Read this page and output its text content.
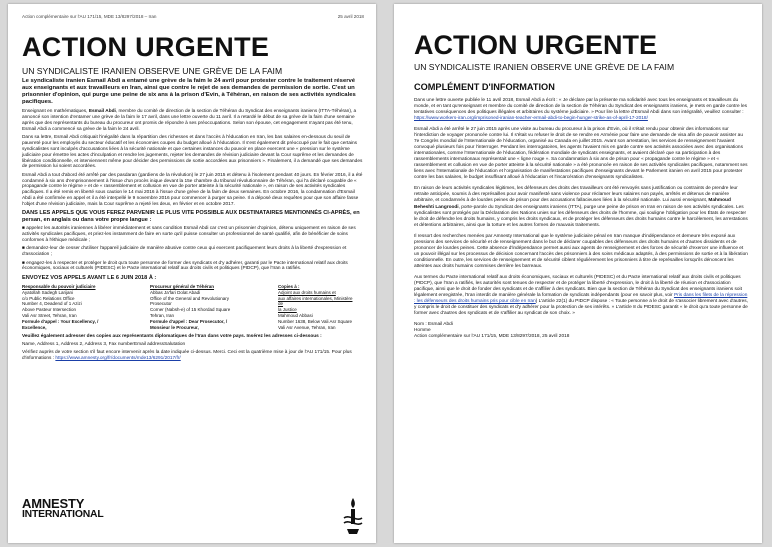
Action complémentaire sur l'AU 171/15, MDE 13/8297/2018 – Iran	25 avril 2018
ACTION URGENTE
UN SYNDICALISTE IRANIEN OBSERVE UNE GRÈVE DE LA FAIM

Le syndicaliste iranien Esmail Abdi a entamé une grève de la faim le 24 avril pour protester contre le traitement réservé aux enseignants et aux travailleurs en Iran, ainsi que contre le rejet de ses demandes de permission de sortie. C'est un prisonnier d'opinion, qui purge une peine de six ans à la prison d'Evin, à Téhéran, en raison de ses activités syndicales pacifiques.

Enseignant en mathématiques, Esmail Abdi, membre du comité de direction de la section de Téhéran du Syndicat des enseignants iraniens (ITTA-Téhéran), a annoncé son intention d'entamer une grève de la faim le 17 avril, dans une lettre ouverte du 11 avril. Il a retardé le début de sa grève de la faim d'une semaine après que des représentants du bureau du procureur ont promis de répondre à ses préoccupations. Selon son épouse, cet engagement n'ayant pas été tenu, Esmail Abdi a commencé sa grève de la faim le 24 avril.

Dans sa lettre, Esmail Abdi critiquait l'inégalité dans la répartition des richesses et dans l'accès à l'éducation en Iran, les bas salaires en-dessous du seuil de pauvreté pour les employés du secteur éducatif et les économies coupes du budget alloué à l'éducation. Il s'est également dit préoccupé par le fait que certains syndicalistes sont inculpés d'accusations liées à la sécurité nationale et que certaines instances du pouvoir en place exercent une « pression sur le système judiciaire pour émettre les actes d'inculpation et rendre les jugements, rejeter les demandes de révision judiciaire devant la Cour suprême et les demandes de libération conditionnelle, et interviennent même pour décider des permissions de sortie accordées aux prisonniers ». Finalement, il a demandé que ses demandes de permission lui soient accordées.

Esmail Abdi a tout d'abord été arrêté par des pasdaran (gardiens de la révolution) le 27 juin 2015 et détenu à l'isolement pendant 40 jours. En février 2016, il a été condamné à six ans d'emprisonnement à l'issue d'un procès inique devant la 15e chambre du tribunal révolutionnaire de Téhéran, qui l'a déclaré coupable de « propagande contre le régime » et de « rassemblement et collusion en vue de porter atteinte à la sécurité nationale », en raison de ses activités syndicales pacifiques. Il a été remis en liberté sous caution le 14 mai 2016 à l'issue d'une grève de la faim de deux semaines. En octobre 2016, la condamnation d'Esmail Abdi a été confirmée en appel et il a été interpellé le 9 novembre 2016 pour commencer à purger sa peine. Il a déposé deux requêtes pour que son affaire fasse l'objet d'une révision judiciaire, mais la Cour suprême a rejeté les deux, en février et en octobre 2017.

DANS LES APPELS QUE VOUS FEREZ PARVENIR LE PLUS VITE POSSIBLE AUX DESTINATAIRES MENTIONNÉS CI-APRÈS, en persan, en anglais ou dans votre propre langue :

■ appelez les autorités iraniennes à libérer immédiatement et sans condition Esmail Abdi car c'est un prisonnier d'opinion, détenu uniquement en raison de ses activités syndicales pacifiques, et priez-les instamment de faire en sorte qu'il puisse consulter un professionnel de santé qualifié, afin de bénéficier de soins conformes à l'éthique médicale ;

■ demandez-leur de cesser d'utiliser l'appareil judiciaire de manière abusive contre ceux qui exercent pacifiquement leurs droits à la liberté d'expression et d'association ;

■ engagez-les à respecter et protéger le droit qu'a toute personne de former des syndicats et d'y adhérer, garanti par le Pacte international relatif aux droits économiques, sociaux et culturels (PIDESC) et le Pacte international relatif aux droits civils et politiques (PIDCP), que l'Iran a ratifiés.

ENVOYEZ VOS APPELS AVANT LE 6 JUIN 2018 À :

Responsable du pouvoir judiciaire
Ayatollah Sadegh Larijani
c/o Public Relations Office
Number 4, Deadend of 1 Azizi
Above Pasteur Intersection
Vali Asr Street, Tehran, Iran
Formule d'appel : Your Excellency, /
Excellence,
Procureur général de Téhéran
Abbas Ja'fari Dolat Abadi
Office of the General and Revolutionary
Prosecutor
Corner (Nabsh-e) of 15 Khordad Square
Tehran, Iran
Formule d'appel : Dear Prosecutor, /
Monsieur le Procureur,
Copies à :
Adjoint aux droits humains et
aux affaires internationales, Ministère de
la Justice
Mahmoud Abbasi
Number 1638, Below Vali Asr Square
Vali Asr Avenue, Tehran, Iran

Veuillez également adresser des copies aux représentants diplomatiques de l'Iran dans votre pays. Insérez les adresses ci-dessous :

Name, Address 1, Address 2, Address 3, Fax numberEmail addressSalutation

Vérifiez auprès de votre section s'il faut encore intervenir après la date indiquée ci-dessus. Merci. Ceci est la quatrième mise à jour de l'AU 171/15. Pour plus d'informations : https://www.amnesty.org/fr/documents/mde13/6291/2017/fr/

AMNESTY
INTERNATIONAL
ACTION URGENTE
UN SYNDICALISTE IRANIEN OBSERVE UNE GRÈVE DE LA FAIM
COMPLÉMENT D'INFORMATION

Dans une lettre ouverte publiée le 11 avril 2018, Esmail Abdi a écrit : « Je déclare par la présente ma solidarité avec tous les enseignants et travailleurs du monde, et en tant qu'enseignant et membre du comité de direction de la section de Téhéran du Syndicat des enseignants iraniens, je mets en garde contre les tentatives conséquences des politiques illégales et arbitraires du système judiciaire. » Pour lire la lettre d'Esmail Abdi dans son intégralité, veuillez consulter : https://www.workers-iran.org/imprisoned-iranian-teacher-ermail-abdi-to-begin-hunger-strike-as-of-april-17-2018/

Esmail Abdi a été arrêté le 27 juin 2015 après une visite au bureau du procureur à la prison d'Evin, où il s'était rendu pour obtenir des informations sur l'interdiction de voyager prononcée contre lui. Il s'était vu refuser le droit de se rendre en Arménie pour faire une demande de visa afin de pouvoir assister au 7e Congrès mondial de l'Internationale de l'éducation, organisé au Canada en juillet 2015. Avant son arrestation, les services de renseignement l'avaient convoqué plusieurs fois pour l'interroger. Pendant les interrogatoires, les agents l'avaient mis en garde contre ses activités associées avec des organisations internationales, comme l'Internationale de l'éducation, fédération mondiale de syndicats enseignants, et avaient déclaré que sa participation à des rassemblements internationaux représentait une « ligne rouge ». Sa condamnation à six ans de prison pour « propagande contre le régime » et « rassemblement et collusion en vue de porter atteinte à la sécurité nationale » a été prononcée en raison de ses activités syndicales pacifiques, notamment ses liens avec l'Internationale de l'éducation et l'organisation de manifestations pacifiques d'enseignants devant le Parlement iranien en avril 2015 pour protester contre les bas salaires, le budget insuffisant alloué à l'éducation et l'incarcération d'enseignants syndicalistes.

En raison de leurs activités syndicales légitimes, les défenseurs des droits des travailleurs ont été renvoyés sans justification ou contraints de prendre leur retraite anticipée, soumis à des représailles pour avoir manifesté sans violence pour réclamer leurs salaires non payés, arrêtés et détenus de manière arbitraire, et condamnés à de lourdes peines de prison pour des accusations fallacieuses liées à la sécurité nationale. Lui aussi enseignant, Mahmoud Beheshti Langroodi, porte-parole du Syndicat des enseignants iraniens (ITTA), purge une peine de prison en Iran en raison de ses activités syndicales. Les syndicalistes sont protégés par la Déclaration des Nations unies sur les défenseurs des droits de l'homme, qui souligne l'obligation pour les États de respecter le droit de défendre les droits humains, y compris les droits syndicaux, et de protéger les défenseurs des droits humains contre le harcèlement, les arrestations et détentions arbitraires, ainsi que la torture et les autres formes de mauvais traitements.

Il ressort des recherches menées par Amnesty International que le système judiciaire pénal en Iran manque d'indépendance et demeure très exposé aux pressions des services de sécurité et de renseignement dans le but de déclarer coupables des défenseurs des droits humains et d'autres dissidents et de prononcer de lourdes peines. Cette absence d'indépendance permet aussi aux agents de renseignement et des forces de sécurité d'exercer une influence et un pouvoir illégal sur les processus de décision concernant l'accès des prisonniers à des soins médicaux adaptés, à des permissions de sortie et à la libération conditionnelle. En outre, les services de renseignement et de sécurité ciblent régulièrement les prisonniers à titre de représailles lorsqu'ils dénoncent les atteintes aux droits humains commises derrière les barreaux.

Aux termes du Pacte international relatif aux droits économiques, sociaux et culturels (PIDESC) et du Pacte international relatif aux droits civils et politiques (PIDCP), que l'Iran a ratifiés, les autorités sont tenues de respecter et de protéger la liberté d'expression, le droit à la liberté de réunion et d'association pacifique, ainsi que le droit de fonder des syndicats et de s'affilier à des syndicats. Bien que la section de Téhéran du Syndicat des enseignants iraniens soit légalement enregistrée, l'Iran interdit de manière générale la formation de syndicats indépendants (pour en savoir plus, voir Pris dans les filets de la répression : les défenseurs des droits humains pris pour cible en Iran) L'article 22(1) du PIDCP dispose : « Toute personne a le droit de s'associer librement avec d'autres, y compris le droit de constituer des syndicats et d'y adhérer pour la protection de ses intérêts. » L'article 8 du PIDESC garantit « le droit qu'a toute personne de former avec d'autres des syndicats et de s'affilier au syndicat de son choix. »

Nom : Esmail Abdi

Homme

Action complémentaire sur l'AU 171/15, MDE 13/8297/2018, 25 avril 2018
